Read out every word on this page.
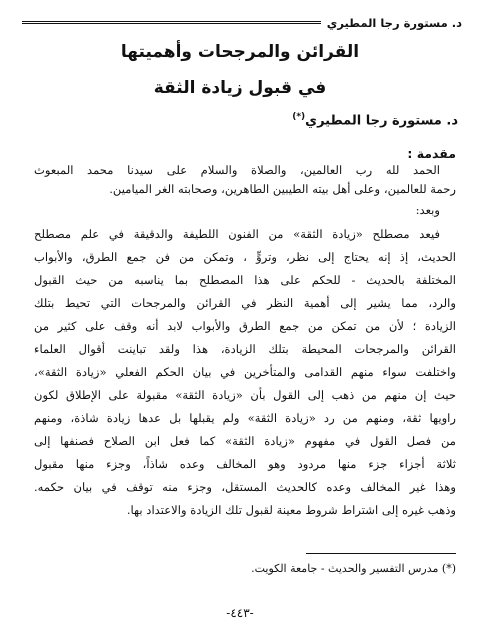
د. مستورة رجا المطيري
القرائن والمرجحات وأهميتها
في قبول زيادة الثقة
د. مستورة رجا المطيري(*)
مقدمة :
الحمد لله رب العالمين، والصلاة والسلام على سيدنا محمد المبعوث
رحمة للعالمين، وعلى أهل بيته الطيبين الطاهرين، وصحابته الغر الميامين.
وبعد:
فيعد مصطلح «زيادة الثقة» من الفنون اللطيفة والدقيقة في علم مصطلح
الحديث، إذ إنه يحتاج إلى نظر، وتروٍّ ، وتمكن من فن جمع الطرق، والأبواب
المختلفة بالحديث - للحكم على هذا المصطلح بما يناسبه من حيث القبول
والرد، مما يشير إلى أهمية النظر في القرائن والمرجحات التي تحيط بتلك
الزيادة ؛ لأن من تمكن من جمع الطرق والأبواب لابد أنه وقف على كثير من
القرائن والمرجحات المحيطة بتلك الزيادة، هذا ولقد تباينت أقوال العلماء
واختلفت سواء منهم القدامى والمتأخرين في بيان الحكم الفعلي «زيادة الثقة»،
حيث إن منهم من ذهب إلى القول بأن «زيادة الثقة» مقبولة على الإطلاق لكون
راويها ثقة، ومنهم من رد «زيادة الثقة» ولم يقبلها بل عدها زيادة شاذة، ومنهم
من فصل القول في مفهوم «زيادة الثقة» كما فعل ابن الصلاح فصنفها إلى
ثلاثة أجزاء جزء منها مردود وهو المخالف وعده شاذاً، وجزء منها مقبول
وهذا غير المخالف وعده كالحديث المستقل، وجزء منه توقف في بيان حكمه.
وذهب غيره إلى اشتراط شروط معينة لقبول تلك الزيادة والاعتداد بها.
(*) مدرس التفسير والحديث - جامعة الكويت.
-٤٤٣-
